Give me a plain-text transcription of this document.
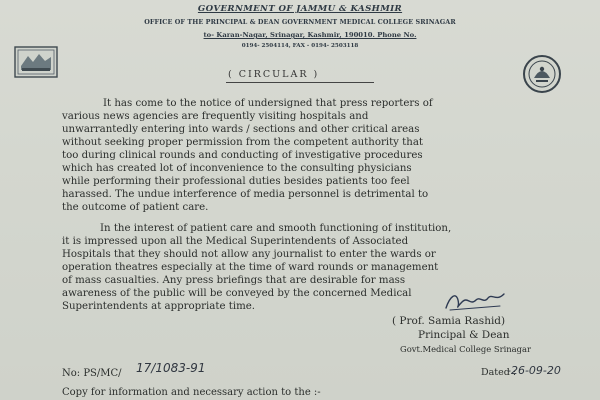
GOVERNMENT OF JAMMU & KASHMIR
OFFICE OF THE PRINCIPAL & DEAN GOVERNMENT MEDICAL COLLEGE SRINAGAR
to- Karan-Nagar, Srinagar, Kashmir, 190010. Phone No.
0194- 2504114, FAX - 0194- 2503118
( CIRCULAR )
It has come to the notice of undersigned that press reporters of
various news agencies are frequently visiting hospitals and
unwarrantedly entering into wards / sections and other critical areas
without seeking proper permission from the competent authority that
too during clinical rounds and conducting of investigative procedures
which has created lot of inconvenience to the consulting physicians
while performing their professional duties besides patients too feel
harassed. The undue interference of media personnel is detrimental to
the outcome of patient care.
In the interest of patient care and smooth functioning of institution,
it is impressed upon all the Medical Superintendents of Associated
Hospitals that they should not allow any journalist to enter the wards or
operation theatres especially at the time of ward rounds or management
of mass casualties. Any press briefings that are desirable for mass
awareness of the public will be conveyed by the concerned Medical
Superintendents at appropriate time.
( Prof. Samia Rashid)
Principal & Dean
Govt.Medical College Srinagar
No: PS/MC/ 17/1083-91	Dated :
-26-09-20
Copy for information and necessary action to the :-
